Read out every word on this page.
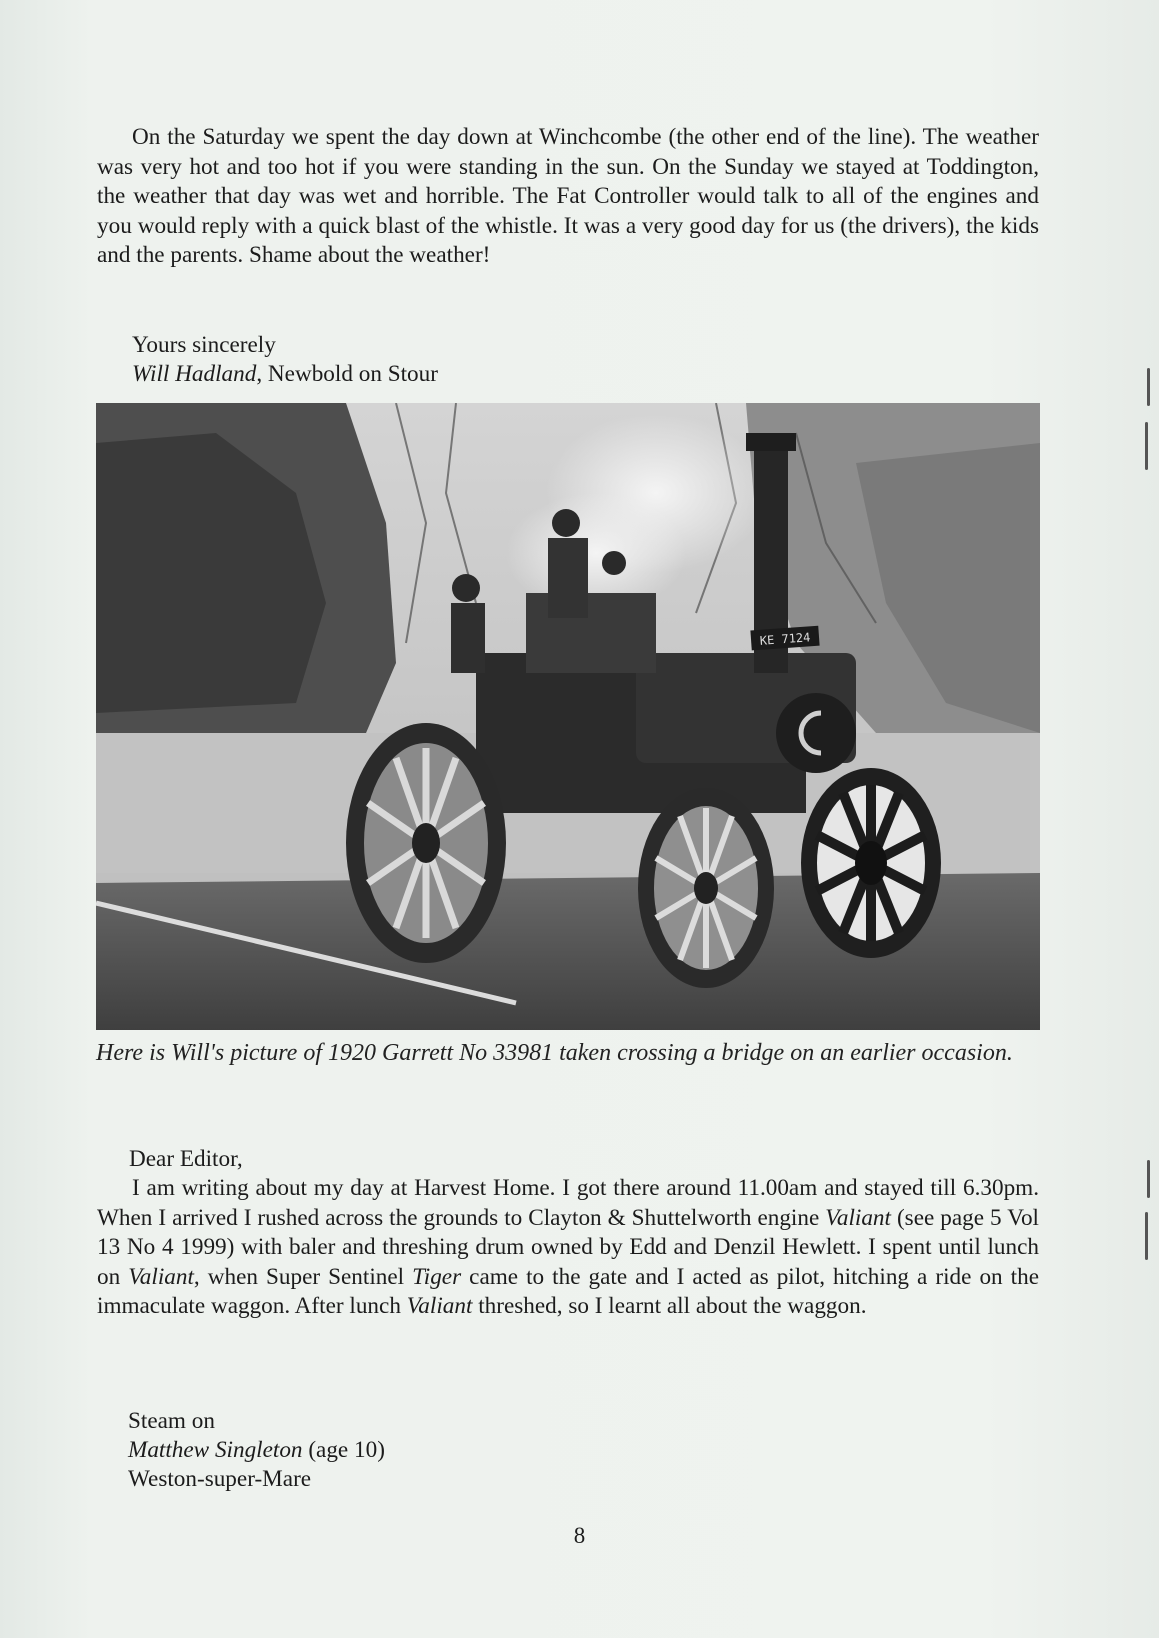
On the Saturday we spent the day down at Winchcombe (the other end of the line). The weather was very hot and too hot if you were standing in the sun. On the Sunday we stayed at Toddington, the weather that day was wet and horrible. The Fat Controller would talk to all of the engines and you would reply with a quick blast of the whistle. It was a very good day for us (the drivers), the kids and the parents. Shame about the weather!

Yours sincerely

Will Hadland, Newbold on Stour

KE 7124

Here is Will's picture of 1920 Garrett No 33981 taken crossing a bridge on an earlier occasion.

Dear Editor,

I am writing about my day at Harvest Home. I got there around 11.00am and stayed till 6.30pm. When I arrived I rushed across the grounds to Clayton & Shuttelworth engine Valiant (see page 5 Vol 13 No 4 1999) with baler and threshing drum owned by Edd and Denzil Hewlett. I spent until lunch on Valiant, when Super Sentinel Tiger came to the gate and I acted as pilot, hitching a ride on the immaculate waggon. After lunch Valiant threshed, so I learnt all about the waggon.

Steam on

Matthew Singleton (age 10)

Weston-super-Mare

8
